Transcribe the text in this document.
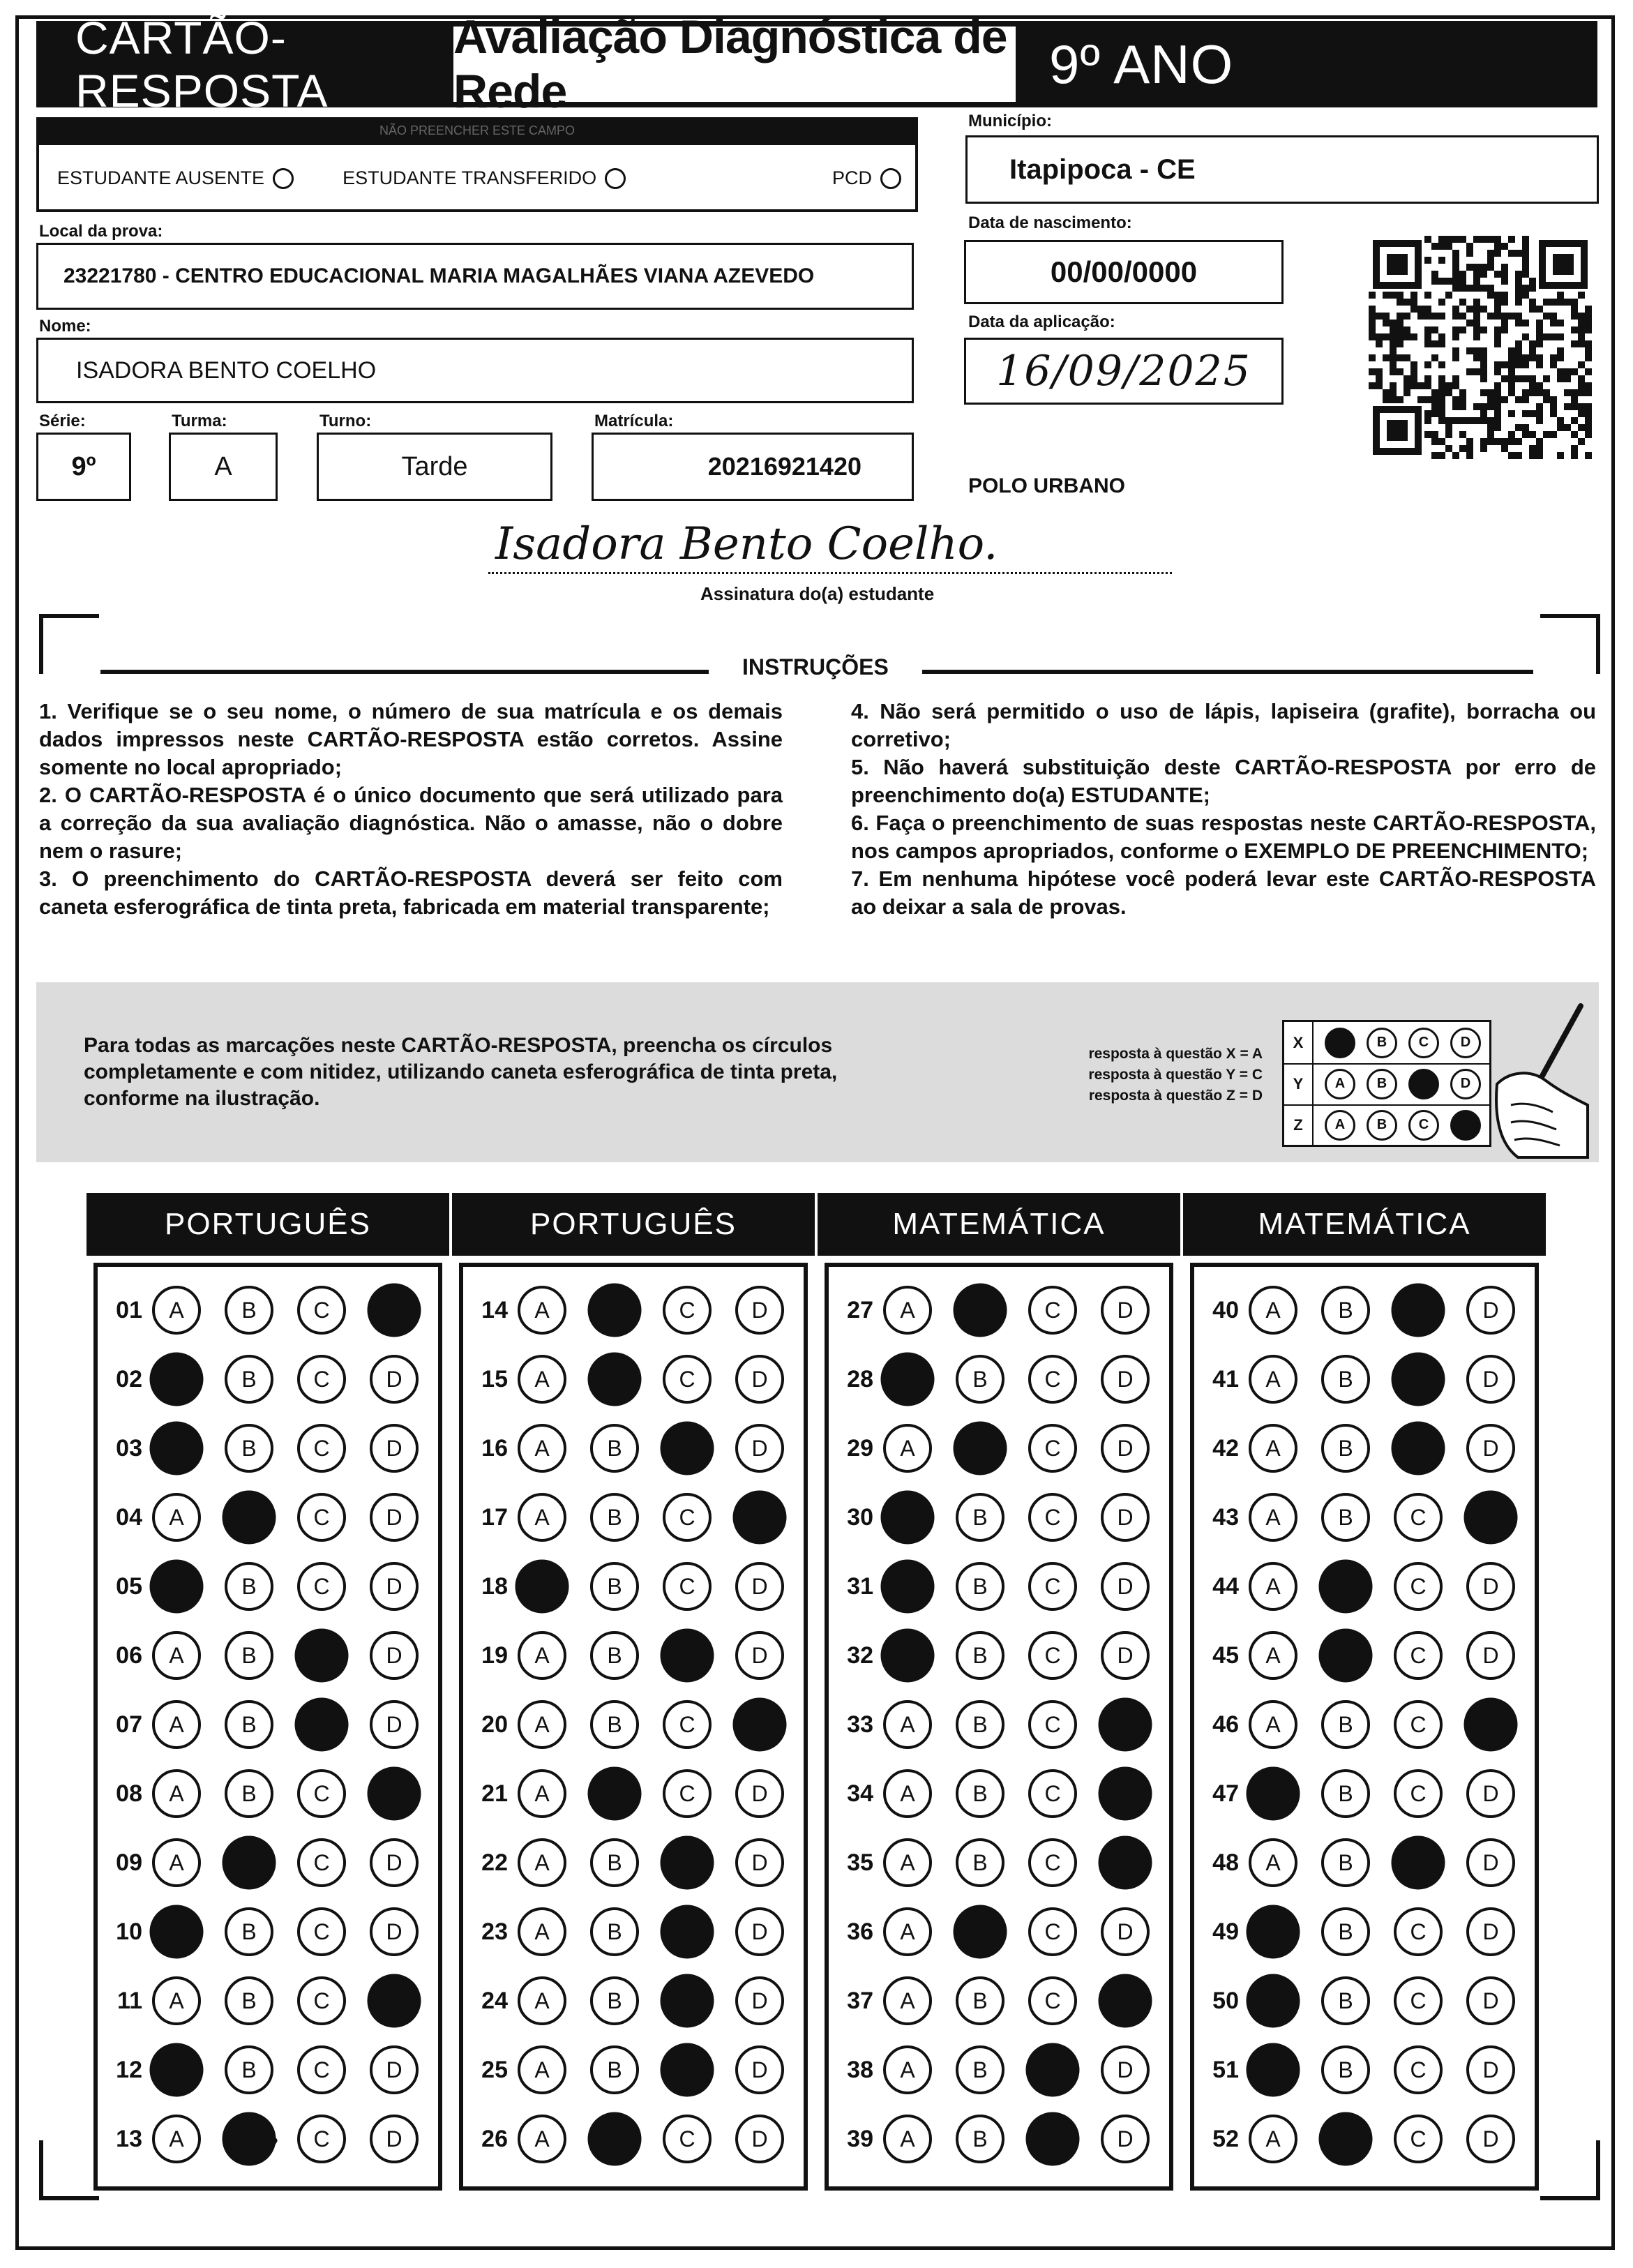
CARTÃO-RESPOSTA
Avaliação Diagnóstica de Rede	9º ANO
NÃO PREENCHER ESTE CAMPO
ESTUDANTE AUSENTE	ESTUDANTE TRANSFERIDO	PCD
Local da prova:
23221780 - CENTRO EDUCACIONAL MARIA MAGALHÃES VIANA AZEVEDO
Nome:
ISADORA BENTO COELHO
Série:
9º
Turma:
A
Turno:
Tarde
Matrícula:
20216921420
Município:
Itapipoca - CE
Data de nascimento:
00/00/0000
Data da aplicação:
16/09/2025
POLO URBANO
Isadora Bento Coelho.
Assinatura do(a) estudante
INSTRUÇÕES

1. Verifique se o seu nome, o número de sua matrícula e os demais dados impressos neste CARTÃO-RESPOSTA estão corretos. Assine somente no local apropriado;

2. O CARTÃO-RESPOSTA é o único documento que será utilizado para a correção da sua avaliação diagnóstica. Não o amasse, não o dobre nem o rasure;

3. O preenchimento do CARTÃO-RESPOSTA deverá ser feito com caneta esferográfica de tinta preta, fabricada em material transparente;

4. Não será permitido o uso de lápis, lapiseira (grafite), borracha ou corretivo;

5. Não haverá substituição deste CARTÃO-RESPOSTA por erro de preenchimento do(a) ESTUDANTE;

6. Faça o preenchimento de suas respostas neste CARTÃO-RESPOSTA, nos campos apropriados, conforme o EXEMPLO DE PREENCHIMENTO;

7. Em nenhuma hipótese você poderá levar este CARTÃO-RESPOSTA ao deixar a sala de provas.

Para todas as marcações neste CARTÃO-RESPOSTA, preencha os círculos completamente e com nitidez, utilizando caneta esferográfica de tinta preta, conforme na ilustração.
resposta à questão X = A
resposta à questão Y = C
resposta à questão Z = D
X	A	B	C	D
Y	A	B	C	D
Z	A	B	C	D
PORTUGUÊS
01	A	B	C	D
02	A	B	C	D
03	A	B	C	D
04	A	B	C	D
05	A	B	C	D
06	A	B	C	D
07	A	B	C	D
08	A	B	C	D
09	A	B	C	D
10	A	B	C	D
11	A	B	C	D
12	A	B	C	D
13	A	B	C	D
PORTUGUÊS
14	A	B	C	D
15	A	B	C	D
16	A	B	C	D
17	A	B	C	D
18	A	B	C	D
19	A	B	C	D
20	A	B	C	D
21	A	B	C	D
22	A	B	C	D
23	A	B	C	D
24	A	B	C	D
25	A	B	C	D
26	A	B	C	D
MATEMÁTICA
27	A	B	C	D
28	A	B	C	D
29	A	B	C	D
30	A	B	C	D
31	A	B	C	D
32	A	B	C	D
33	A	B	C	D
34	A	B	C	D
35	A	B	C	D
36	A	B	C	D
37	A	B	C	D
38	A	B	C	D
39	A	B	C	D
MATEMÁTICA
40	A	B	C	D
41	A	B	C	D
42	A	B	C	D
43	A	B	C	D
44	A	B	C	D
45	A	B	C	D
46	A	B	C	D
47	A	B	C	D
48	A	B	C	D
49	A	B	C	D
50	A	B	C	D
51	A	B	C	D
52	A	B	C	D
